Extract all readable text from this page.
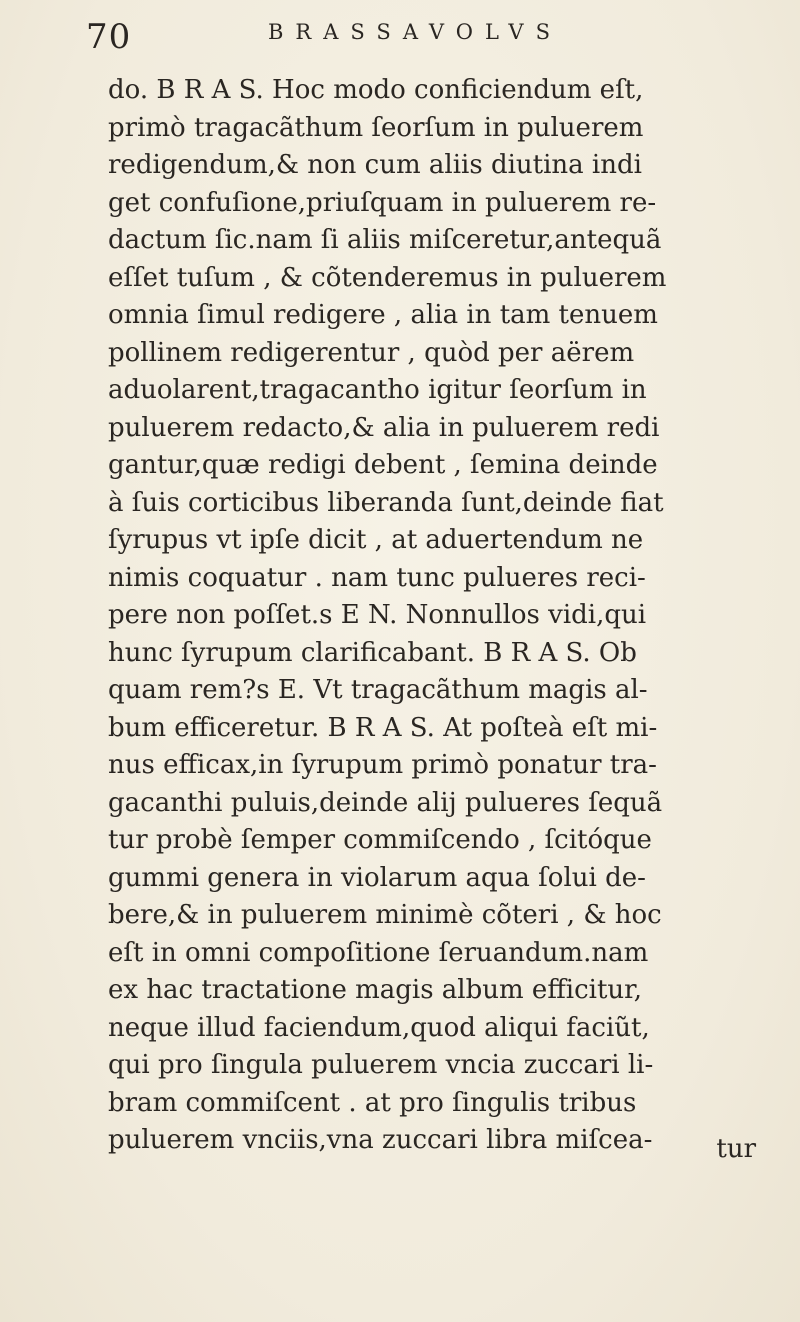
70	BRASSAVOLVS
do. B R A S. Hoc modo conficiendum eſt,
primò tragacãthum ſeorſum in puluerem
redigendum,& non cum aliis diutina indi
get confuſione,priuſquam in puluerem re-
dactum ſic.nam ſi aliis miſceretur,antequã
eſſet tuſum , & cõtenderemus in puluerem
omnia ſimul redigere , alia in tam tenuem
pollinem redigerentur , quòd per aërem
aduolarent,tragacantho igitur ſeorſum in
puluerem redacto,& alia in puluerem redi
gantur,quæ redigi debent , ſemina deinde
à ſuis corticibus liberanda ſunt,deinde fiat
ſyrupus vt ipſe dicit , at aduertendum ne
nimis coquatur . nam tunc pulueres reci-
pere non poſſet.s E N. Nonnullos vidi,qui
hunc ſyrupum clarificabant. B R A S. Ob
quam rem?s E. Vt tragacãthum magis al-
bum efficeretur. B R A S. At poſteà eſt mi-
nus efficax,in ſyrupum primò ponatur tra-
gacanthi puluis,deinde alij pulueres ſequã
tur probè ſemper commiſcendo , ſcitóque
gummi genera in violarum aqua ſolui de-
bere,& in puluerem minimè cõteri , & hoc
eſt in omni compoſitione ſeruandum.nam
ex hac tractatione magis album efficitur,
neque illud faciendum,quod aliqui faciũt,
qui pro ſingula puluerem vncia zuccari li-
bram commiſcent . at pro ſingulis tribus
puluerem vnciis,vna zuccari libra miſcea-	tur
